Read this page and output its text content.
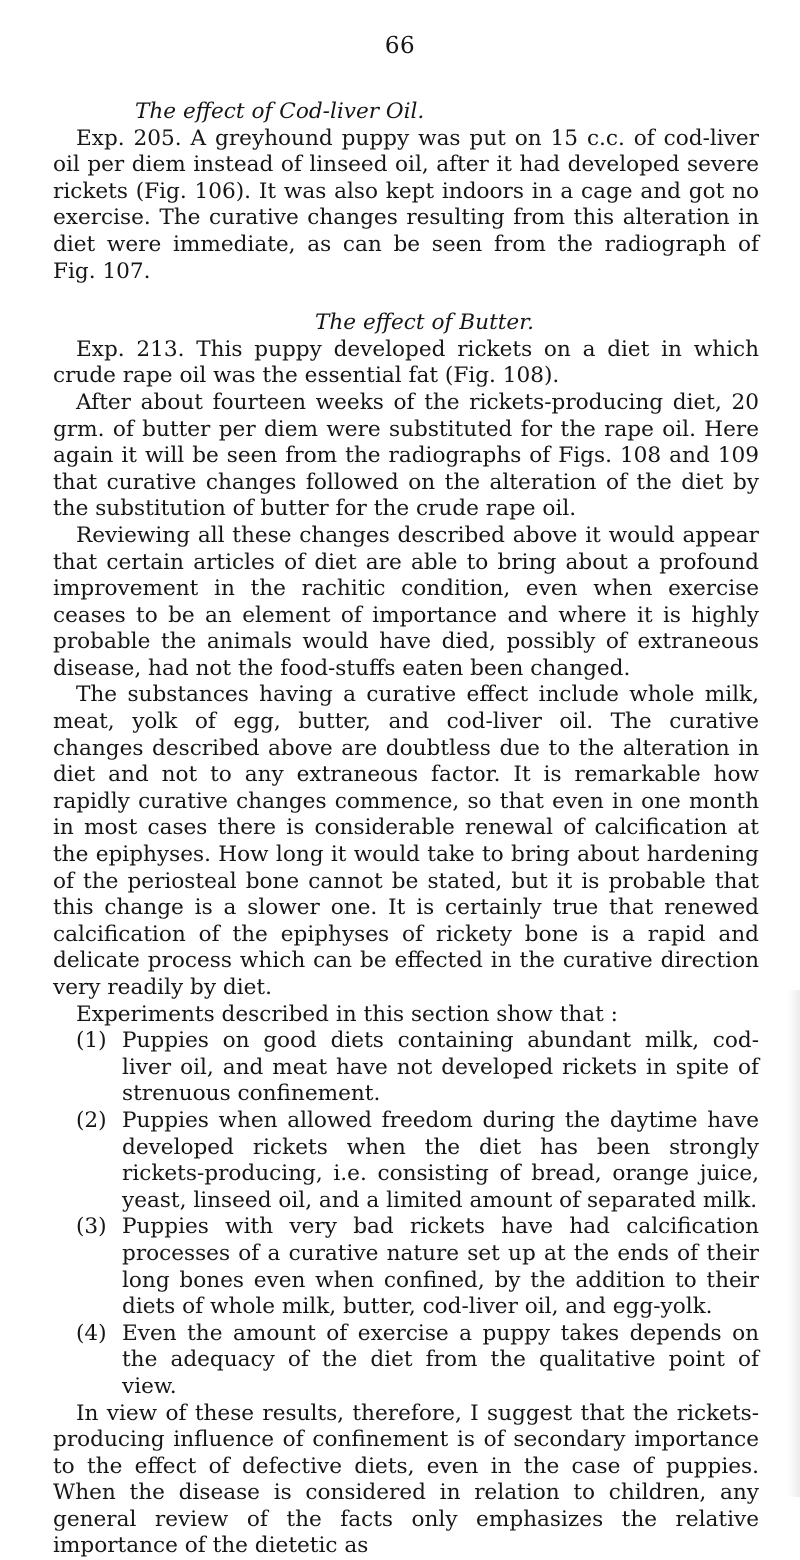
66
The effect of Cod-liver Oil.

Exp. 205. A greyhound puppy was put on 15 c.c. of cod-liver oil per diem instead of linseed oil, after it had developed severe rickets (Fig. 106). It was also kept indoors in a cage and got no exercise. The curative changes resulting from this alteration in diet were immediate, as can be seen from the radiograph of Fig. 107.

The effect of Butter.

Exp. 213. This puppy developed rickets on a diet in which crude rape oil was the essential fat (Fig. 108).

After about fourteen weeks of the rickets-producing diet, 20 grm. of butter per diem were substituted for the rape oil. Here again it will be seen from the radiographs of Figs. 108 and 109 that curative changes followed on the alteration of the diet by the substitution of butter for the crude rape oil.

Reviewing all these changes described above it would appear that certain articles of diet are able to bring about a profound improvement in the rachitic condition, even when exercise ceases to be an element of importance and where it is highly probable the animals would have died, possibly of extraneous disease, had not the food-stuffs eaten been changed.

The substances having a curative effect include whole milk, meat, yolk of egg, butter, and cod-liver oil. The curative changes described above are doubtless due to the alteration in diet and not to any extraneous factor. It is remarkable how rapidly curative changes commence, so that even in one month in most cases there is considerable renewal of calcification at the epiphyses. How long it would take to bring about hardening of the periosteal bone cannot be stated, but it is probable that this change is a slower one. It is certainly true that renewed calcification of the epiphyses of rickety bone is a rapid and delicate process which can be effected in the curative direction very readily by diet.

Experiments described in this section show that :

(1) Puppies on good diets containing abundant milk, cod-liver oil, and meat have not developed rickets in spite of strenuous confinement.
(2) Puppies when allowed freedom during the daytime have developed rickets when the diet has been strongly rickets-producing, i.e. consisting of bread, orange juice, yeast, linseed oil, and a limited amount of separated milk.
(3) Puppies with very bad rickets have had calcification processes of a curative nature set up at the ends of their long bones even when confined, by the addition to their diets of whole milk, butter, cod-liver oil, and egg-yolk.
(4) Even the amount of exercise a puppy takes depends on the adequacy of the diet from the qualitative point of view.

In view of these results, therefore, I suggest that the rickets-producing influence of confinement is of secondary importance to the effect of defective diets, even in the case of puppies. When the disease is considered in relation to children, any general review of the facts only emphasizes the relative importance of the dietetic as
